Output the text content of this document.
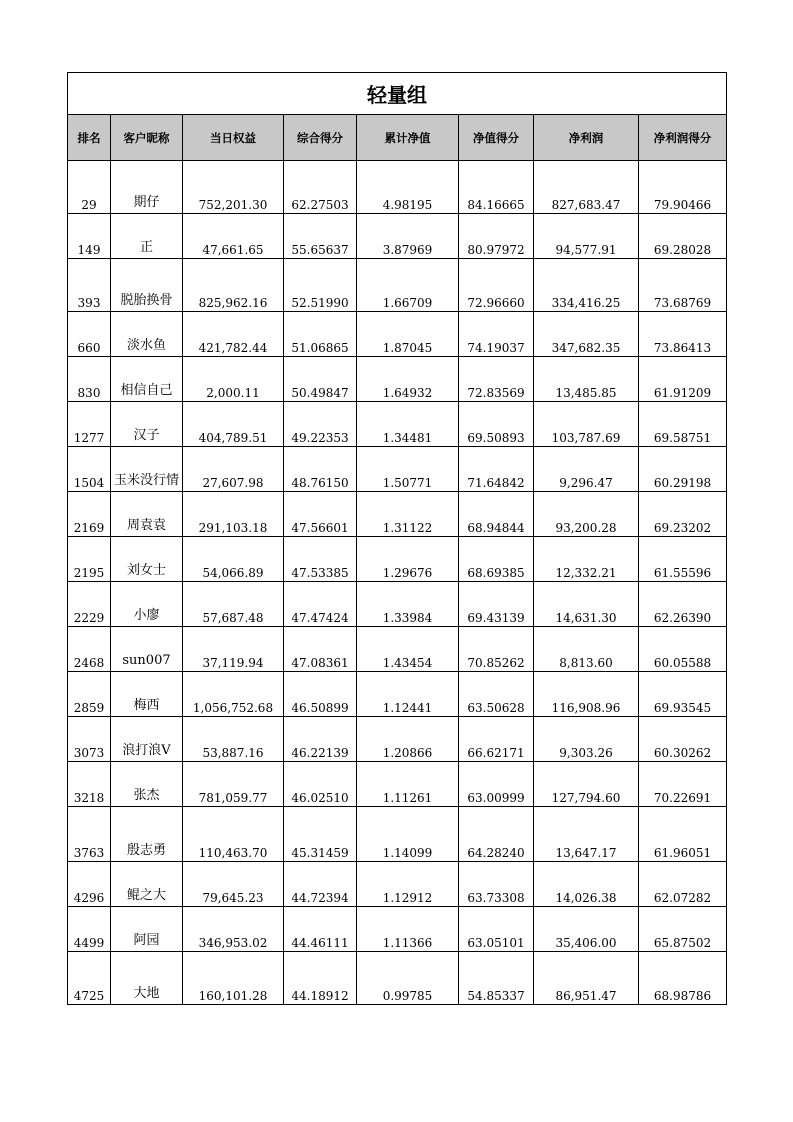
轻量组							
排名	客户昵称	当日权益	综合得分	累计净值	净值得分	净利润	净利润得分
29	期仔	752,201.30	62.27503	4.98195	84.16665	827,683.47	79.90466
149	正	47,661.65	55.65637	3.87969	80.97972	94,577.91	69.28028
393	脱胎换骨	825,962.16	52.51990	1.66709	72.96660	334,416.25	73.68769
660	淡水鱼	421,782.44	51.06865	1.87045	74.19037	347,682.35	73.86413
830	相信自己	2,000.11	50.49847	1.64932	72.83569	13,485.85	61.91209
1277	汉子	404,789.51	49.22353	1.34481	69.50893	103,787.69	69.58751
1504	玉米没行情	27,607.98	48.76150	1.50771	71.64842	9,296.47	60.29198
2169	周袁袁	291,103.18	47.56601	1.31122	68.94844	93,200.28	69.23202
2195	刘女士	54,066.89	47.53385	1.29676	68.69385	12,332.21	61.55596
2229	小廖	57,687.48	47.47424	1.33984	69.43139	14,631.30	62.26390
2468	sun007	37,119.94	47.08361	1.43454	70.85262	8,813.60	60.05588
2859	梅西	1,056,752.68	46.50899	1.12441	63.50628	116,908.96	69.93545
3073	浪打浪V	53,887.16	46.22139	1.20866	66.62171	9,303.26	60.30262
3218	张杰	781,059.77	46.02510	1.11261	63.00999	127,794.60	70.22691
3763	殷志勇	110,463.70	45.31459	1.14099	64.28240	13,647.17	61.96051
4296	鲲之大	79,645.23	44.72394	1.12912	63.73308	14,026.38	62.07282
4499	阿园	346,953.02	44.46111	1.11366	63.05101	35,406.00	65.87502
4725	大地	160,101.28	44.18912	0.99785	54.85337	86,951.47	68.98786
